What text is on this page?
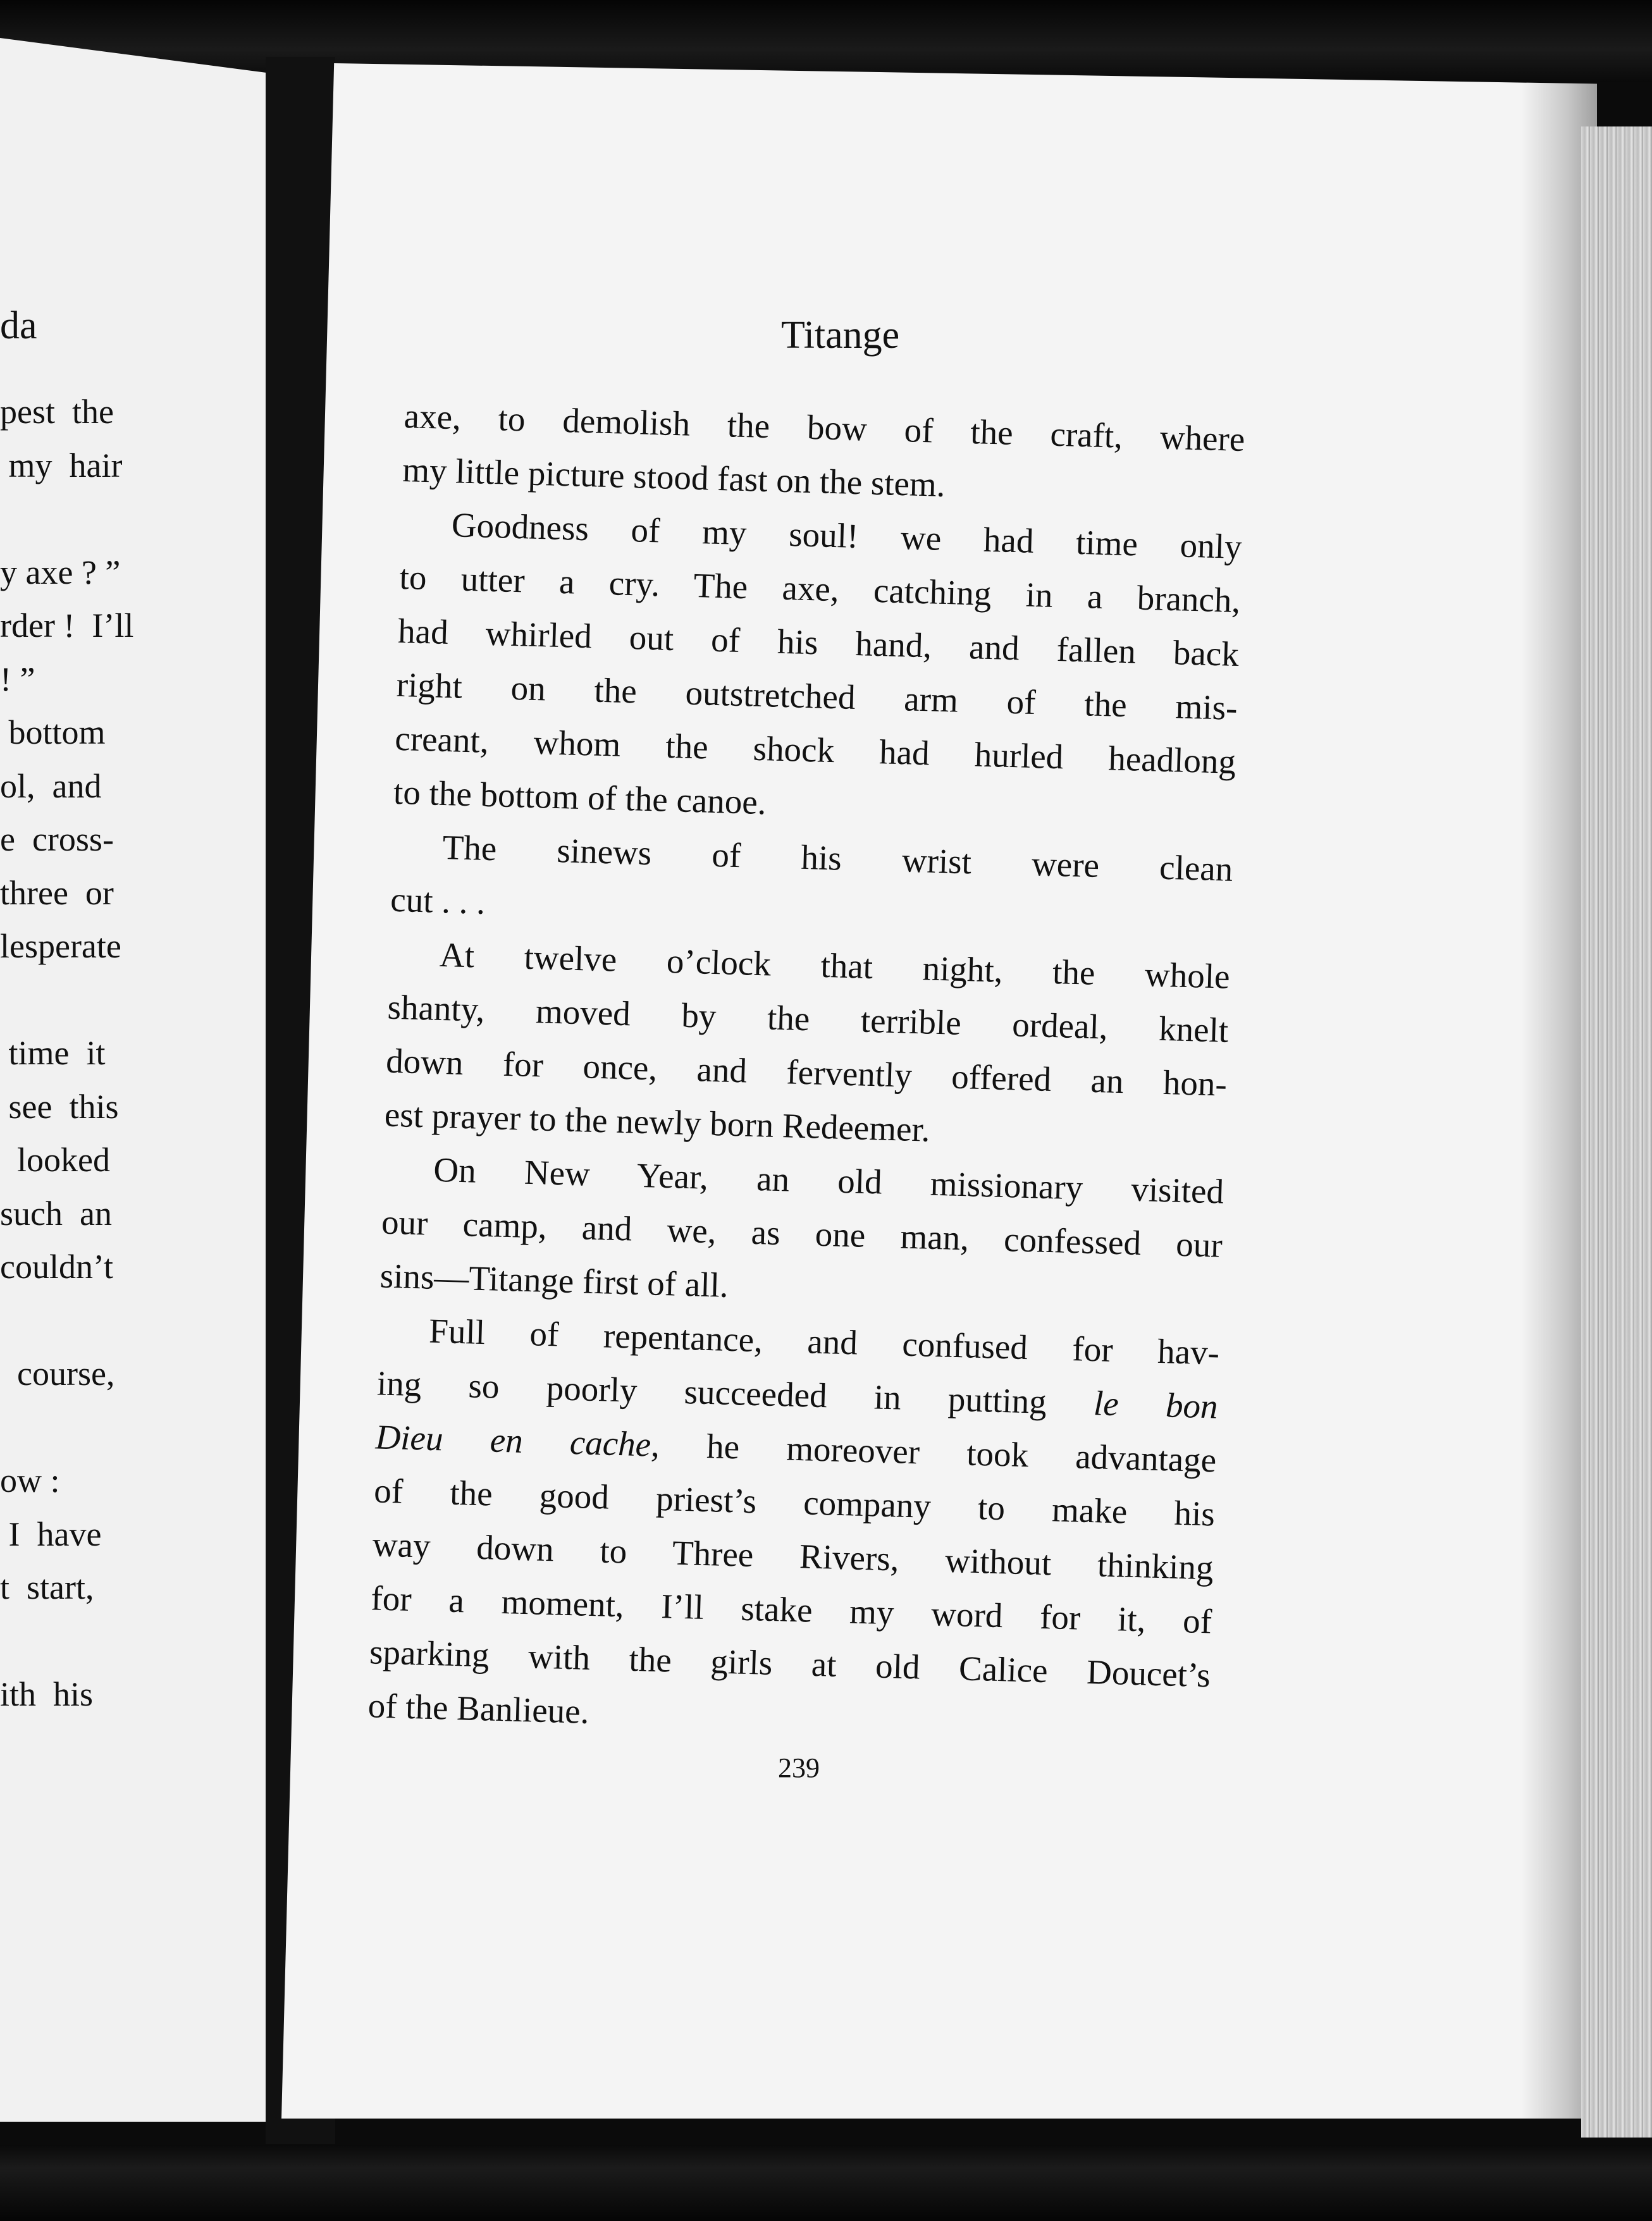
da
pest  the
my  hair
y axe ? ”
rder !  I’ll
! ”
bottom
ol,  and
e  cross-
three  or
lesperate
time  it
see  this
looked
such  an
couldn’t
course,
ow :
I  have
t  start,
ith  his
Titange
axe, to demolish the bow of the craft, where
my little picture stood fast on the stem.
Goodness of my soul! we had time only
to utter a cry. The axe, catching in a branch,
had whirled out of his hand, and fallen back
right on the outstretched arm of the mis-
creant, whom the shock had hurled headlong
to the bottom of the canoe.
The sinews of his wrist were clean
cut . . .
At twelve o’clock that night, the whole
shanty, moved by the terrible ordeal, knelt
down for once, and fervently offered an hon-
est prayer to the newly born Redeemer.
On New Year, an old missionary visited
our camp, and we, as one man, confessed our
sins—Titange first of all.
Full of repentance, and confused for hav-
ing so poorly succeeded in putting le bon
Dieu en cache, he moreover took advantage
of the good priest’s company to make his
way down to Three Rivers, without thinking
for a moment, I’ll stake my word for it, of
sparking with the girls at old Calice Doucet’s
of the Banlieue.
239
